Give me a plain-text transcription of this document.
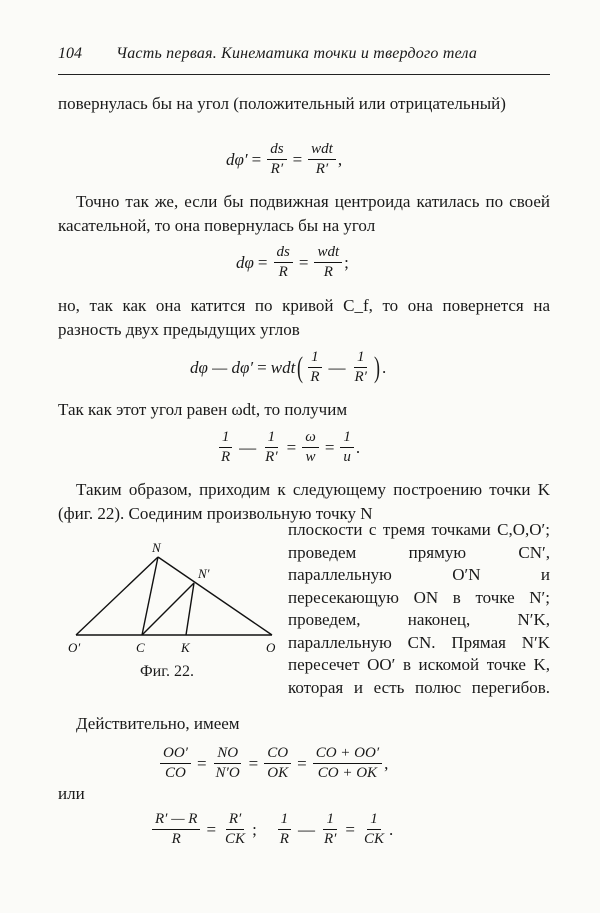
104 Часть первая. Кинематика точки и твердого тела
повернулась бы на угол (положительный или отрицательный)
$d\varphi' = \frac{ds}{R'} = \frac{\text{wdt}}{R'}$ ,
Точно так же, если бы подвижная центроида катилась по своей касательной, то она повернулась бы на угол
$d\varphi = \frac{ds}{R} = \frac{\text{wdt}}{R}$ ;
но, так как она катится по кривой C_f, то она повернется на разность двух предыдущих углов
dφ — dφ′ = wdt ( $\frac{1}{R}$ — $\frac{1}{R'}$ ) .
Так как этот угол равен ωdt, то получим
$\frac{1}{R}$ — $\frac{1}{R'} = \frac{\omega}{w} = \frac{1}{u}$ .
Таким образом, приходим к следующему построению точки K (фиг. 22). Соединим произвольную точку N
N
N′
O′	C	K	O
Фиг. 22.
плоскости с тремя точками C,O,O′; проведем прямую CN′, параллельную O′N и пересекающую ON в точке N′; проведем, наконец, N′K, параллельную CN. Прямая N′K пересечет OO′ в искомой точке K, которая и есть полюс перегибов.
Действительно, имеем
$\frac{OO'}{CO} = \frac{NO}{N'O} = \frac{CO}{OK} = \frac{CO + OO'}{CO + OK}$ ,
или
$\frac{R' — R}{R} = \frac{R'}{CK}$ ; $\frac{1}{R}$ — $\frac{1}{R'} = \frac{1}{CK}$ .
